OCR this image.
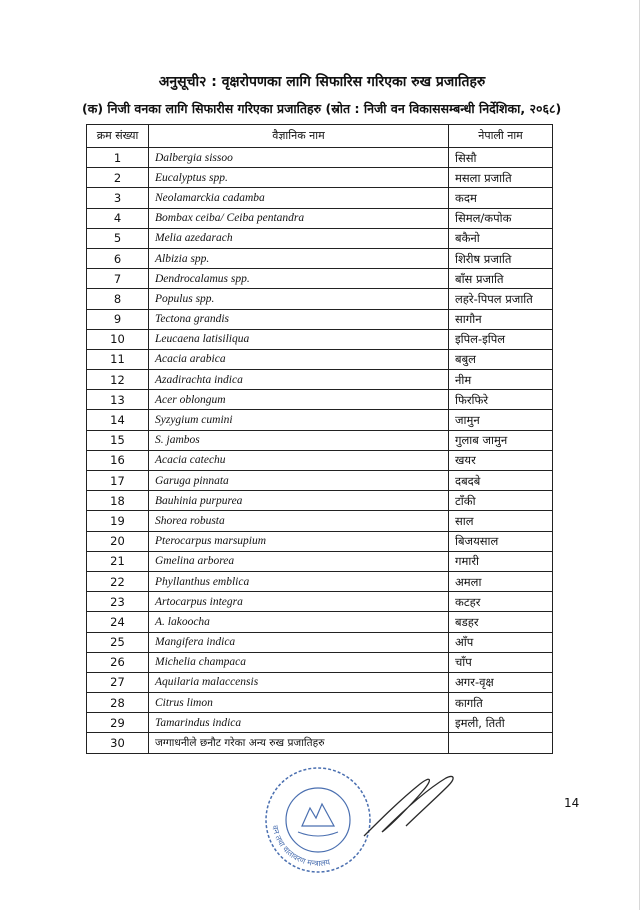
अनुसूची२ : वृक्षरोपणका लागि सिफारिस गरिएका रुख प्रजातिहरु
(क) निजी वनका लागि सिफारीस गरिएका प्रजातिहरु (स्रोत : निजी वन विकाससम्बन्धी निर्देशिका, २०६८)
क्रम संख्या	वैज्ञानिक नाम	नेपाली नाम
1	Dalbergia sissoo	सिसौ
2	Eucalyptus spp.	मसला प्रजाति
3	Neolamarckia cadamba	कदम
4	Bombax ceiba/ Ceiba pentandra	सिमल/कपोक
5	Melia azedarach	बकैनो
6	Albizia spp.	शिरीष प्रजाति
7	Dendrocalamus spp.	बाँस प्रजाति
8	Populus spp.	लहरे-पिपल प्रजाति
9	Tectona grandis	सागौन
10	Leucaena latisiliqua	इपिल-इपिल
11	Acacia arabica	बबुल
12	Azadirachta indica	नीम
13	Acer oblongum	फिरफिरे
14	Syzygium cumini	जामुन
15	S. jambos	गुलाब जामुन
16	Acacia catechu	खयर
17	Garuga pinnata	दबदबे
18	Bauhinia purpurea	टाँकी
19	Shorea robusta	साल
20	Pterocarpus marsupium	बिजयसाल
21	Gmelina arborea	गमारी
22	Phyllanthus emblica	अमला
23	Artocarpus integra	कटहर
24	A. lakoocha	बडहर
25	Mangifera indica	आँप
26	Michelia champaca	चाँप
27	Aquilaria malaccensis	अगर-वृक्ष
28	Citrus limon	कागति
29	Tamarindus indica	इमली, तिती
30	जग्गाधनीले छनौट गरेका अन्य रुख प्रजातिहरु	
वन तथा वातावरण मन्त्रालय
14
